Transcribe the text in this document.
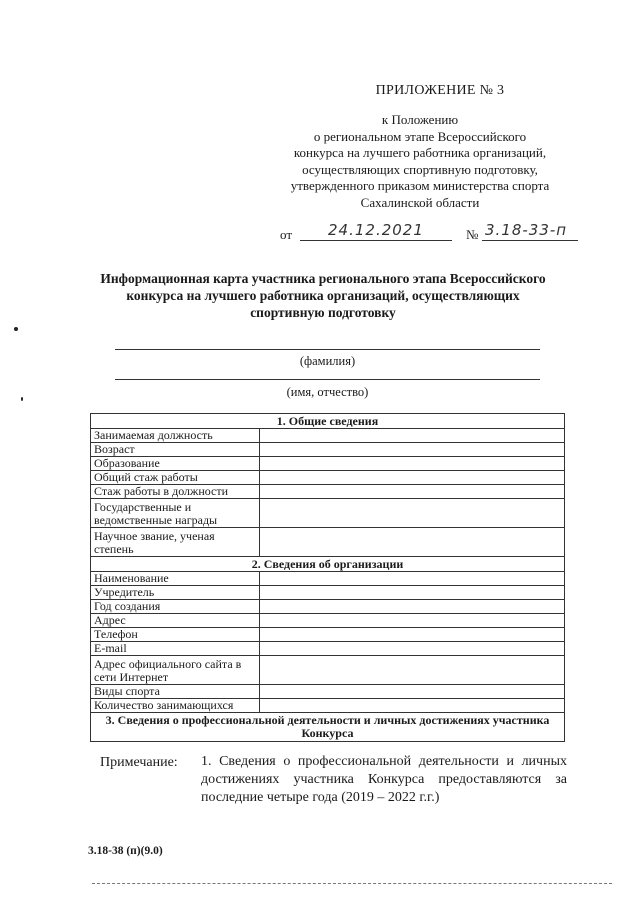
ПРИЛОЖЕНИЕ № 3
к Положению
о региональном этапе Всероссийского
конкурса на лучшего работника организаций,
осуществляющих спортивную подготовку,
утвержденного приказом министерства спорта
Сахалинской области
от 24.12.2021	№ 3.18-33-п
Информационная карта участника регионального этапа Всероссийского
конкурса на лучшего работника организаций, осуществляющих
спортивную подготовку
(фамилия)
(имя, отчество)
1. Общие сведения	
Занимаемая должность	
Возраст	
Образование	
Общий стаж работы	
Стаж работы в должности	
Государственные и ведомственные награды	
Научное звание, ученая степень	
2. Сведения об организации	
Наименование	
Учредитель	
Год создания	
Адрес	
Телефон	
E-mail	
Адрес официального сайта в сети Интернет	
Виды спорта	
Количество занимающихся	
3. Сведения о профессиональной деятельности и личных достижениях участника Конкурса	
Примечание: 1. Сведения о профессиональной деятельности и личных достижениях участника Конкурса предоставляются за последние четыре года (2019 – 2022 г.г.)
3.18-38 (п)(9.0)
